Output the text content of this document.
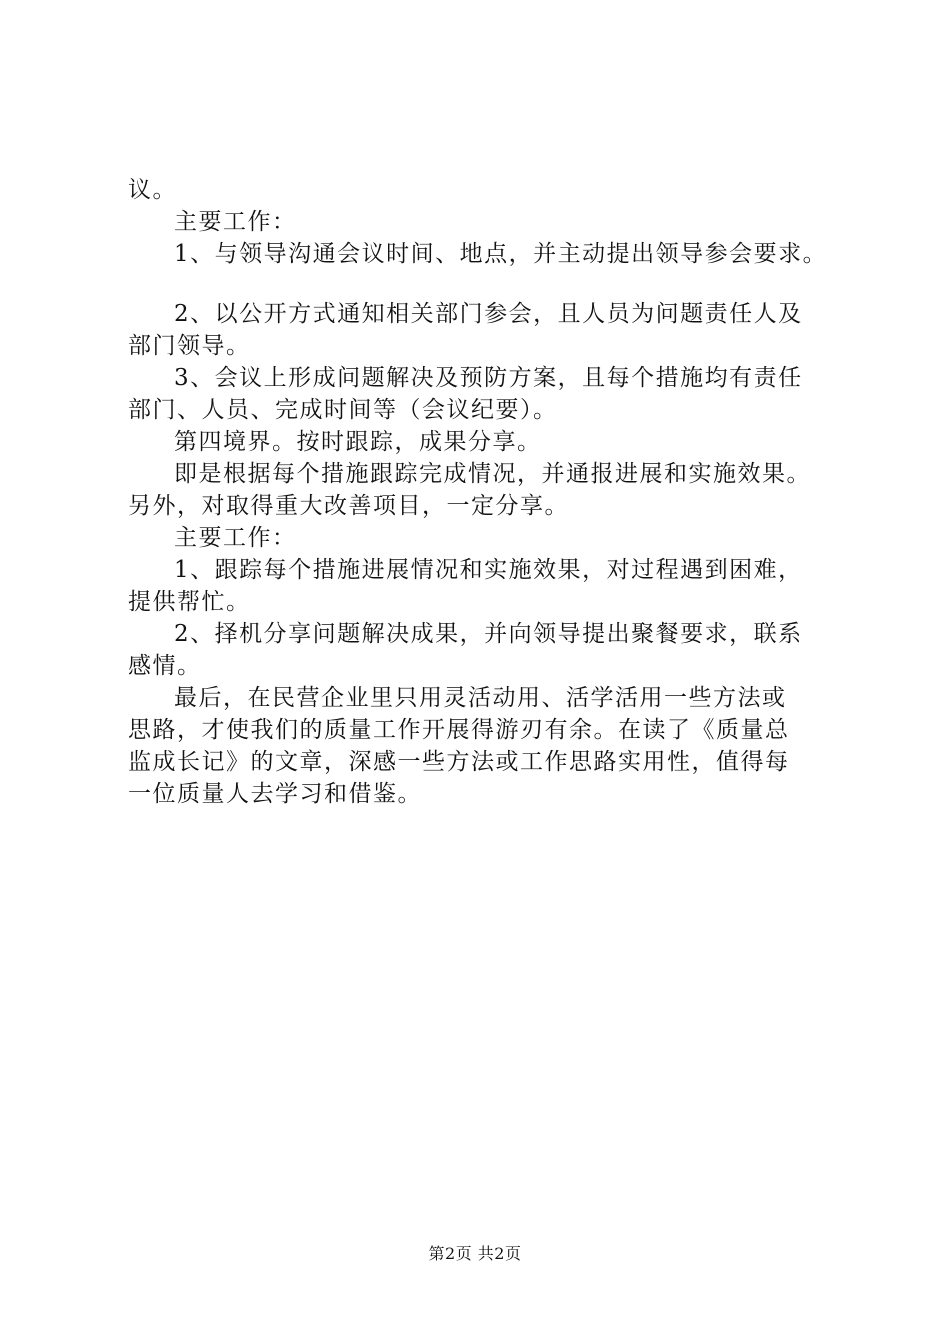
议。
主要工作：
1、与领导沟通会议时间、地点，并主动提出领导参会要求。
2、以公开方式通知相关部门参会，且人员为问题责任人及
部门领导。
3、会议上形成问题解决及预防方案，且每个措施均有责任
部门、人员、完成时间等（会议纪要）。
第四境界。按时跟踪，成果分享。
即是根据每个措施跟踪完成情况，并通报进展和实施效果。
另外，对取得重大改善项目，一定分享。
主要工作：
1、跟踪每个措施进展情况和实施效果，对过程遇到困难，
提供帮忙。
2、择机分享问题解决成果，并向领导提出聚餐要求，联系
感情。
最后，在民营企业里只用灵活动用、活学活用一些方法或
思路，才使我们的质量工作开展得游刃有余。在读了《质量总
监成长记》的文章，深感一些方法或工作思路实用性，值得每
一位质量人去学习和借鉴。
第2页 共2页
